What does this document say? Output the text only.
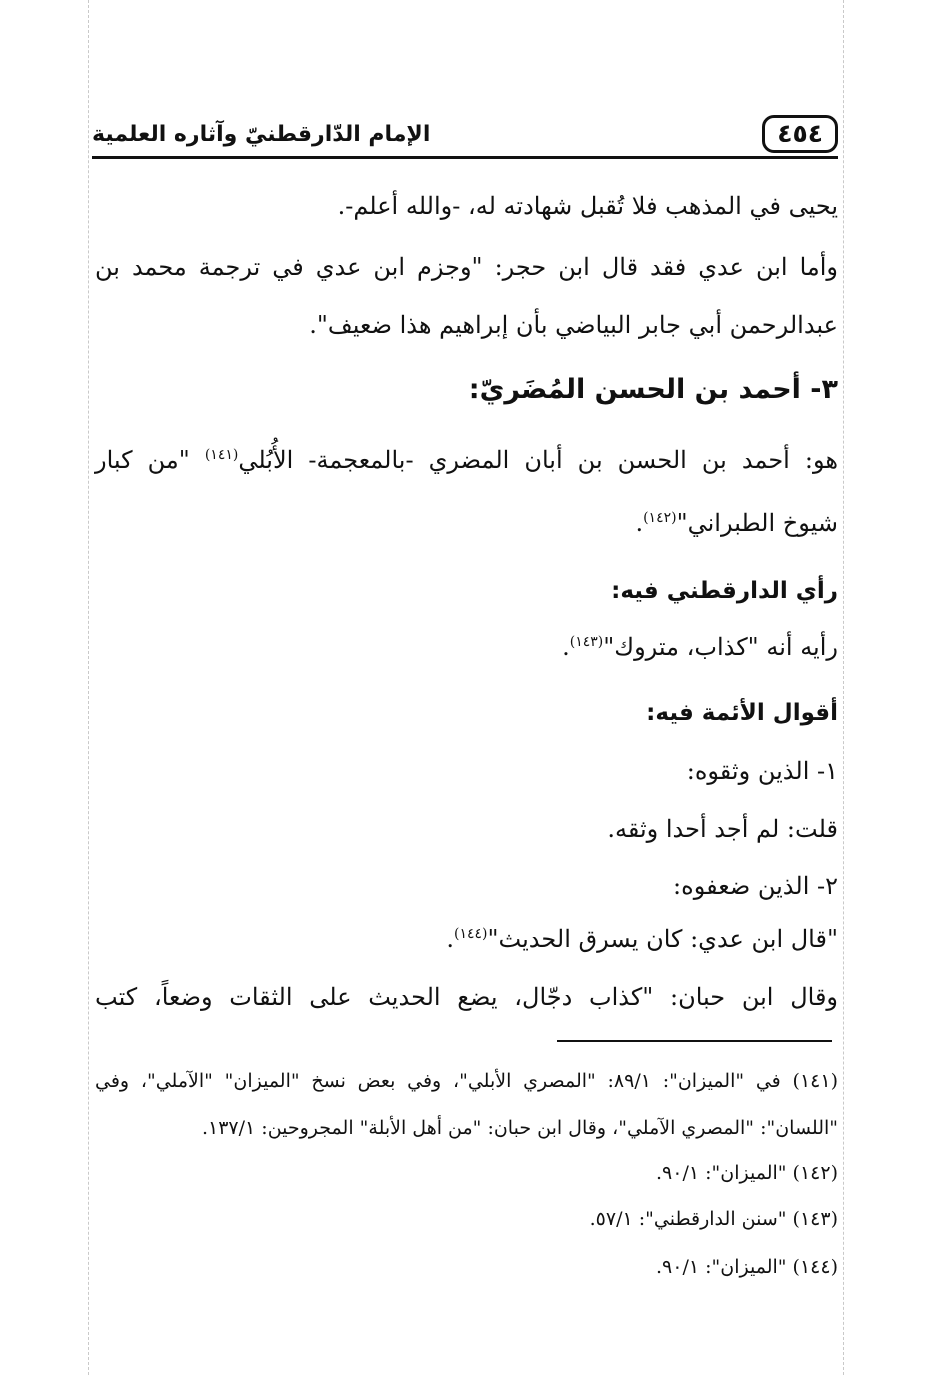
٤٥٤
الإمام الدّارقطنيّ وآثاره العلمية
يحيى في المذهب فلا تُقبل شهادته له، -والله أعلم-.
وأما ابن عدي فقد قال ابن حجر: "وجزم ابن عدي في ترجمة محمد بن
عبدالرحمن أبي جابر البياضي بأن إبراهيم هذا ضعيف".
٣- أحمد بن الحسن المُضَريّ:
هو: أحمد بن الحسن بن أبان المضري -بالمعجمة- الأُبُلي$^{(١٤١)}$ "من كبار
شيوخ الطبراني"$^{(١٤٢)}$.
رأي الدارقطني فيه:
رأيه أنه "كذاب، متروك"$^{(١٤٣)}$.
أقوال الأئمة فيه:
١- الذين وثقوه:
قلت: لم أجد أحدا وثقه.
٢- الذين ضعفوه:
"قال ابن عدي: كان يسرق الحديث"$^{(١٤٤)}$.
وقال ابن حبان: "كذاب دجّال، يضع الحديث على الثقات وضعاً، كتب
(١٤١) في "الميزان": ٨٩/١: "المصري الأبلي"، وفي بعض نسخ "الميزان" "الآملي"، وفي
"اللسان": "المصري الآملي"، وقال ابن حبان: "من أهل الأبلة" المجروحين: ١٣٧/١.
(١٤٢) "الميزان": ٩٠/١.
(١٤٣) "سنن الدارقطني": ٥٧/١.
(١٤٤) "الميزان": ٩٠/١.
